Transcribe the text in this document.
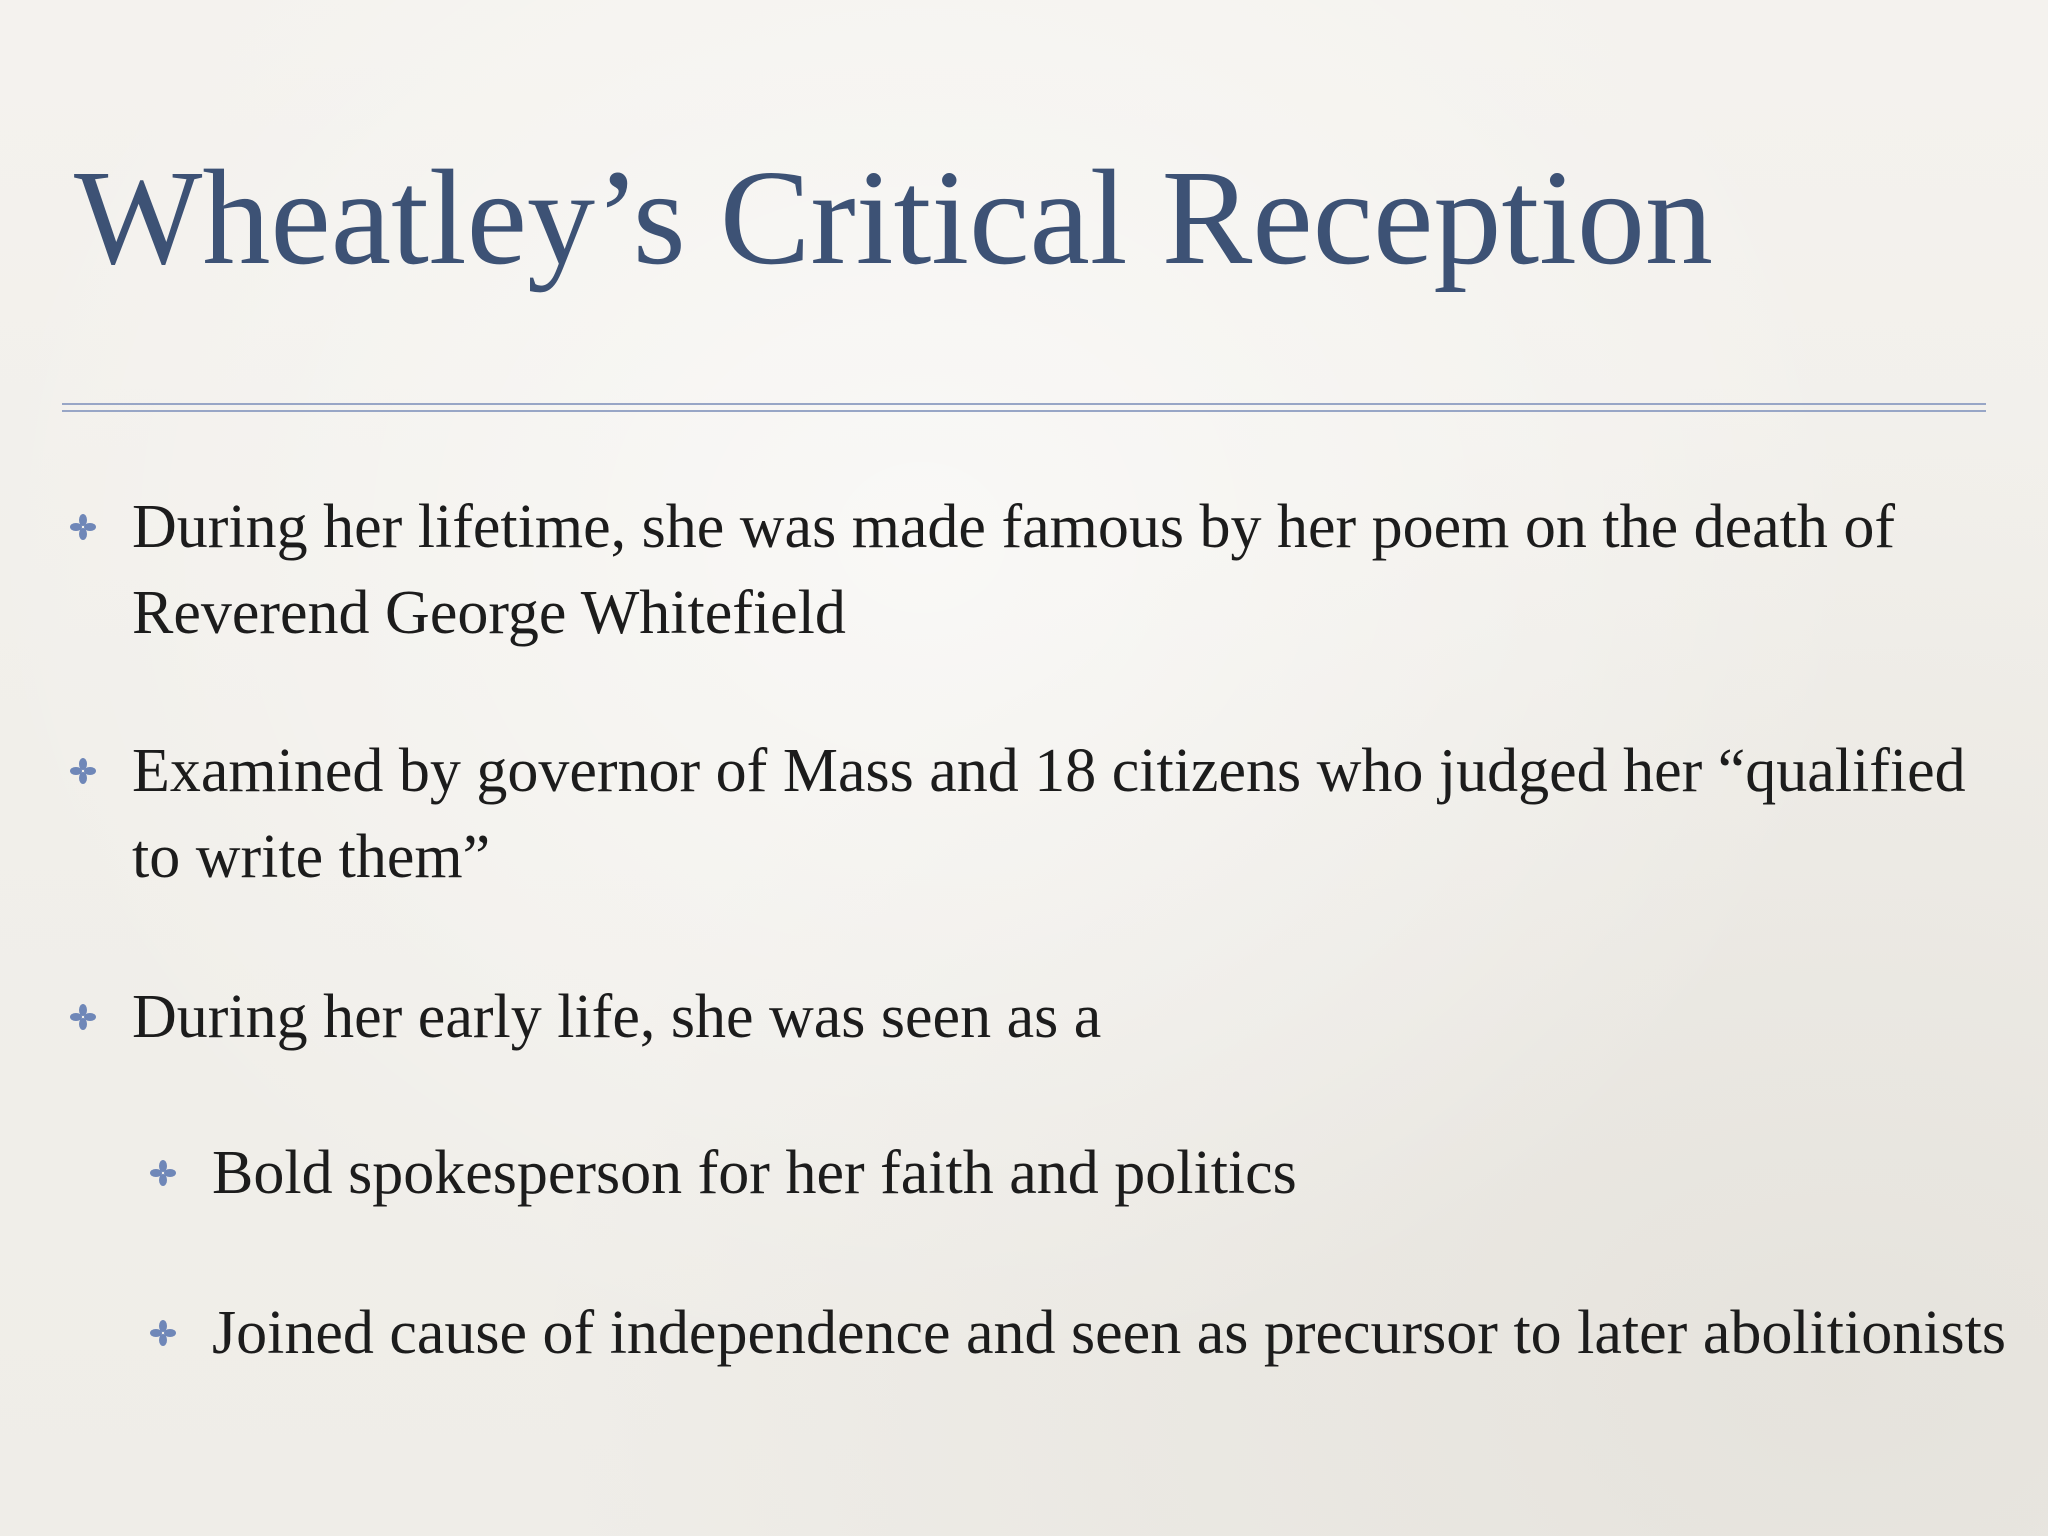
Wheatley’s Critical Reception
During her lifetime, she was made famous by her poem on the death of Reverend George Whitefield
Examined by governor of Mass and 18 citizens who judged her “qualified to write them”
During her early life, she was seen as a
Bold spokesperson for her faith and politics
Joined cause of independence and seen as precursor to later abolitionists
